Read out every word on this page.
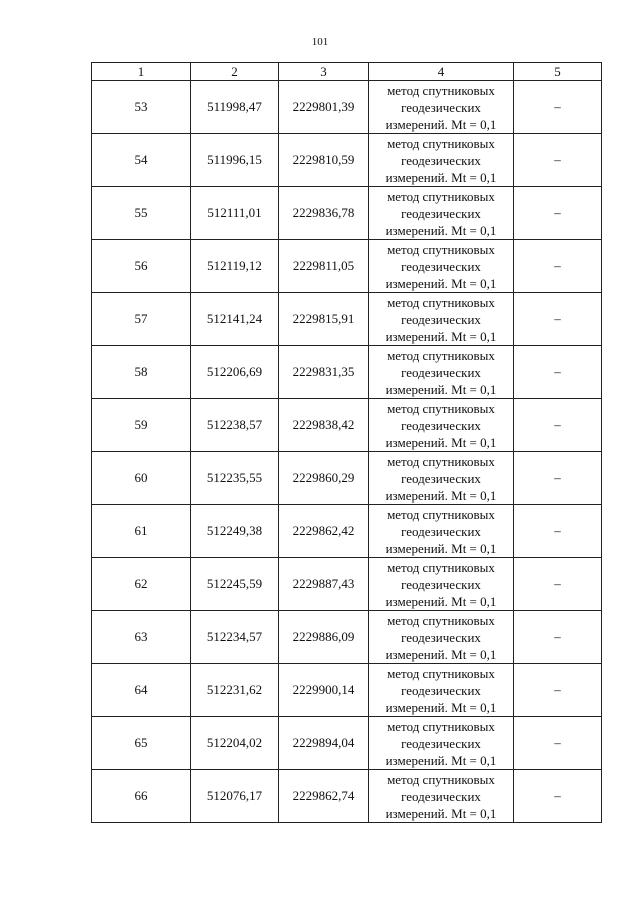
101
1	2	3	4	5
53	511998,47	2229801,39	метод спутниковых
геодезических
измерений. Mt = 0,1	–
54	511996,15	2229810,59	метод спутниковых
геодезических
измерений. Mt = 0,1	–
55	512111,01	2229836,78	метод спутниковых
геодезических
измерений. Mt = 0,1	–
56	512119,12	2229811,05	метод спутниковых
геодезических
измерений. Mt = 0,1	–
57	512141,24	2229815,91	метод спутниковых
геодезических
измерений. Mt = 0,1	–
58	512206,69	2229831,35	метод спутниковых
геодезических
измерений. Mt = 0,1	–
59	512238,57	2229838,42	метод спутниковых
геодезических
измерений. Mt = 0,1	–
60	512235,55	2229860,29	метод спутниковых
геодезических
измерений. Mt = 0,1	–
61	512249,38	2229862,42	метод спутниковых
геодезических
измерений. Mt = 0,1	–
62	512245,59	2229887,43	метод спутниковых
геодезических
измерений. Mt = 0,1	–
63	512234,57	2229886,09	метод спутниковых
геодезических
измерений. Mt = 0,1	–
64	512231,62	2229900,14	метод спутниковых
геодезических
измерений. Mt = 0,1	–
65	512204,02	2229894,04	метод спутниковых
геодезических
измерений. Mt = 0,1	–
66	512076,17	2229862,74	метод спутниковых
геодезических
измерений. Mt = 0,1	–
